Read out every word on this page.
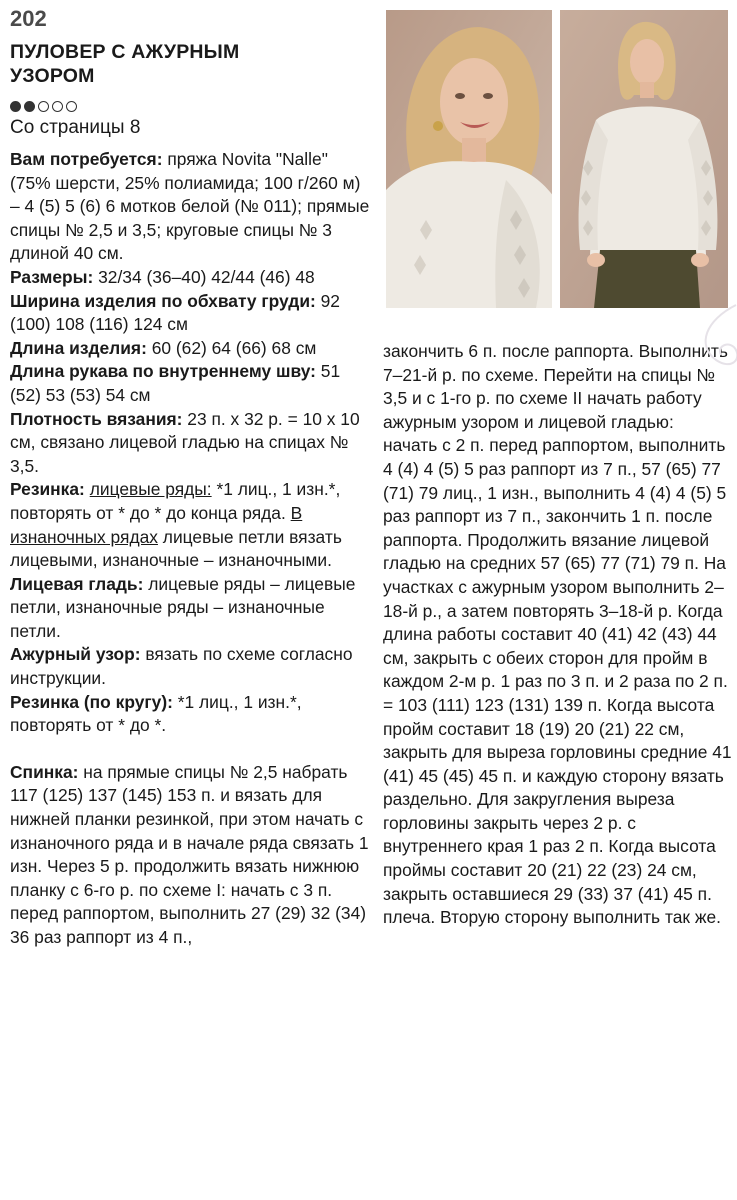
202
ПУЛОВЕР С АЖУРНЫМ
УЗОРОМ
Со страницы 8
Вам потребуется: пряжа Novita "Nalle" (75% шерсти, 25% полиамида; 100 г/260 м) – 4 (5) 5 (6) 6 мотков белой (№ 011); прямые спицы № 2,5 и 3,5; круговые спицы № 3 длиной 40 см.
Размеры: 32/34 (36–40) 42/44 (46) 48
Ширина изделия по обхвату груди: 92 (100) 108 (116) 124 см
Длина изделия: 60 (62) 64 (66) 68 см
Длина рукава по внутреннему шву: 51 (52) 53 (53) 54 см
Плотность вязания: 23 п. х 32 р. = 10 х 10 см, связано лицевой гладью на спицах № 3,5.
Резинка: лицевые ряды: *1 лиц., 1 изн.*, повторять от * до * до конца ряда. В изнаночных рядах лицевые петли вязать лицевыми, изнаночные – изнаночными.
Лицевая гладь: лицевые ряды – лицевые петли, изнаночные ряды – изнаночные петли.
Ажурный узор: вязать по схеме согласно инструкции.
Резинка (по кругу): *1 лиц., 1 изн.*, повторять от * до *.
Спинка: на прямые спицы № 2,5 набрать 117 (125) 137 (145) 153 п. и вязать для нижней планки резинкой, при этом начать с изнаночного ряда и в начале ряда связать 1 изн. Через 5 р. продолжить вязать нижнюю планку с 6-го р. по схеме I: начать с 3 п. перед раппортом, выполнить 27 (29) 32 (34) 36 раз раппорт из 4 п.,
закончить 6 п. после раппорта. Выполнить 7–21-й р. по схеме. Перейти на спицы № 3,5 и с 1-го р. по схеме II начать работу ажурным узором и лицевой гладью: начать с 2 п. перед раппортом, выполнить 4 (4) 4 (5) 5 раз раппорт из 7 п., 57 (65) 77 (71) 79 лиц., 1 изн., выполнить 4 (4) 4 (5) 5 раз раппорт из 7 п., закончить 1 п. после раппорта. Продолжить вязание лицевой гладью на средних 57 (65) 77 (71) 79 п. На участках с ажурным узором выполнить 2–18-й р., а затем повторять 3–18-й р. Когда длина работы составит 40 (41) 42 (43) 44 см, закрыть с обеих сторон для пройм в каждом 2-м р. 1 раз по 3 п. и 2 раза по 2 п. = 103 (111) 123 (131) 139 п. Когда высота пройм составит 18 (19) 20 (21) 22 см, закрыть для выреза горловины средние 41 (41) 45 (45) 45 п. и каждую сторону вязать раздельно. Для закругления выреза горловины закрыть через 2 р. с внутреннего края 1 раз 2 п. Когда высота проймы составит 20 (21) 22 (23) 24 см, закрыть оставшиеся 29 (33) 37 (41) 45 п. плеча. Вторую сторону выполнить так же.
